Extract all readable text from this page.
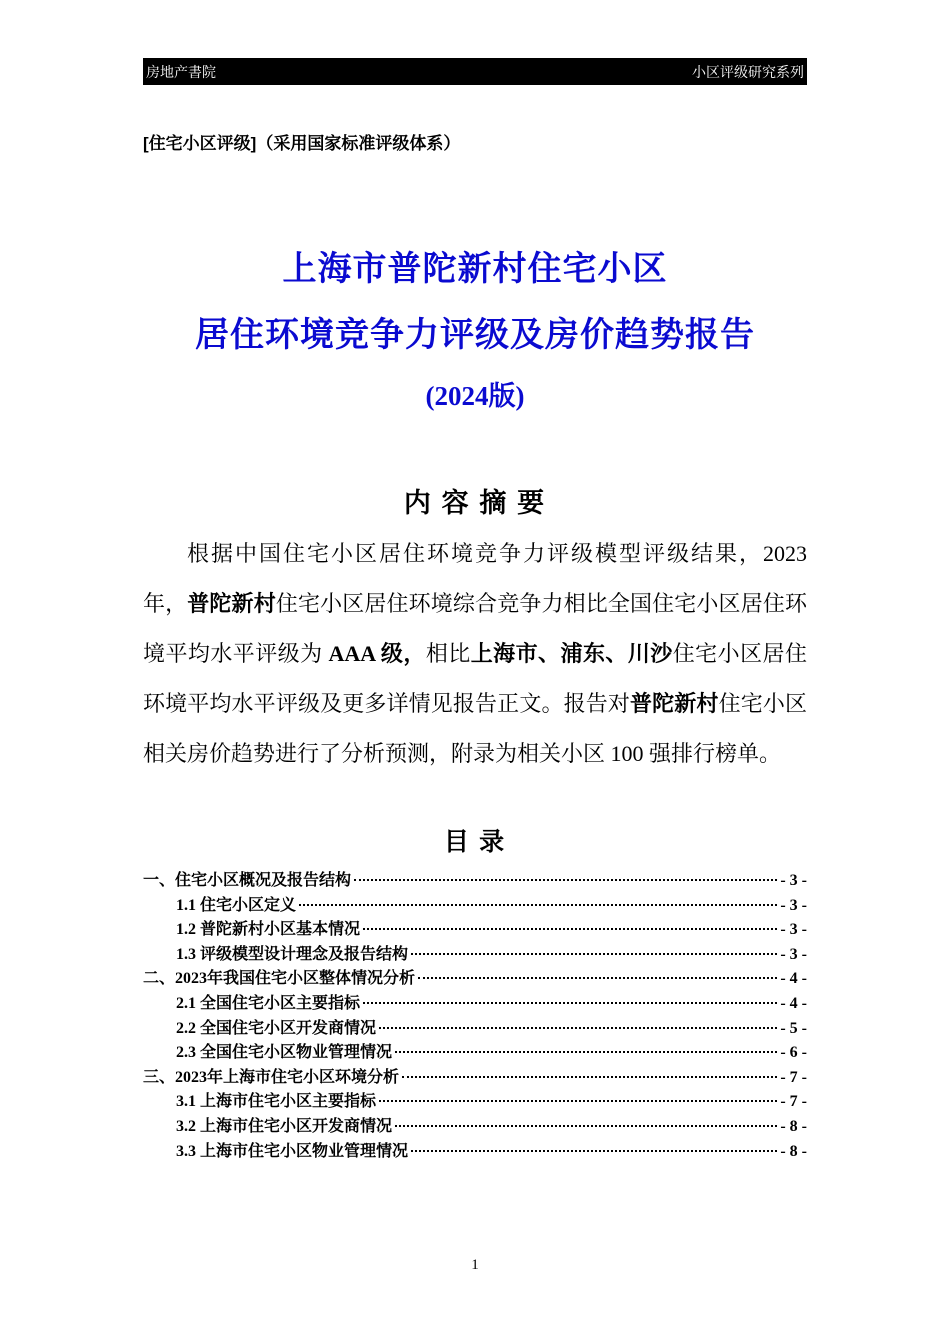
房地产書院	小区评级研究系列
[住宅小区评级]（采用国家标准评级体系）
上海市普陀新村住宅小区
居住环境竞争力评级及房价趋势报告
(2024版)
内 容 摘 要

根据中国住宅小区居住环境竞争力评级模型评级结果，2023 年，普陀新村住宅小区居住环境综合竞争力相比全国住宅小区居住环境平均水平评级为 AAA 级，相比上海市、浦东、川沙住宅小区居住环境平均水平评级及更多详情见报告正文。报告对普陀新村住宅小区相关房价趋势进行了分析预测，附录为相关小区 100 强排行榜单。

目 录
一、住宅小区概况及报告结构	- 3 -
1.1 住宅小区定义	- 3 -
1.2 普陀新村小区基本情况	- 3 -
1.3 评级模型设计理念及报告结构	- 3 -
二、2023年我国住宅小区整体情况分析	- 4 -
2.1 全国住宅小区主要指标	- 4 -
2.2 全国住宅小区开发商情况	- 5 -
2.3 全国住宅小区物业管理情况	- 6 -
三、2023年上海市住宅小区环境分析	- 7 -
3.1 上海市住宅小区主要指标	- 7 -
3.2 上海市住宅小区开发商情况	- 8 -
3.3 上海市住宅小区物业管理情况	- 8 -
1
